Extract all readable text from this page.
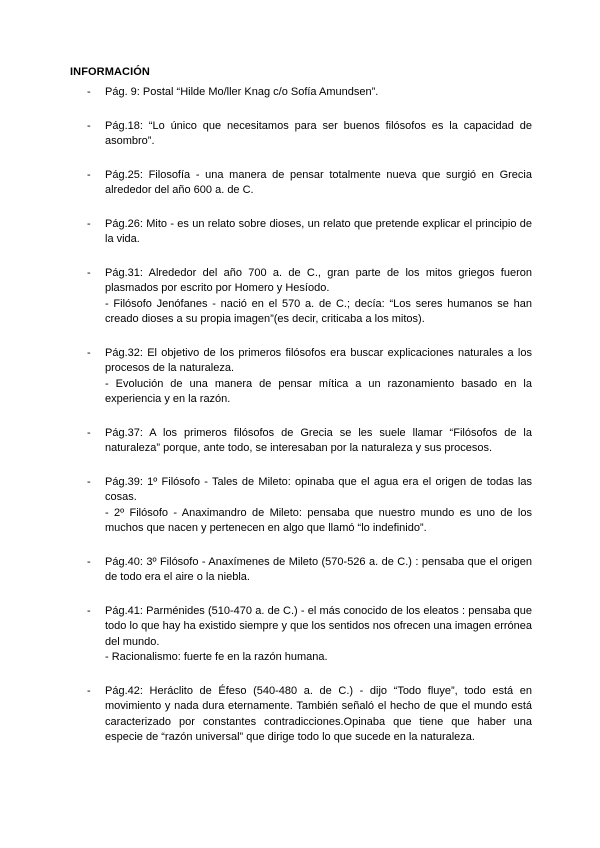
INFORMACIÓN
-	Pág. 9: Postal “Hilde Mo/ller Knag c/o Sofía Amundsen”.

-	Pág.18: “Lo único que necesitamos para ser buenos filósofos es la capacidad de asombro”.

-	Pág.25: Filosofía - una manera de pensar totalmente nueva que surgió en Grecia alrededor del año 600 a. de C.

-	Pág.26: Mito - es un relato sobre dioses, un relato que pretende explicar el principio de la vida.

-	Pág.31: Alrededor del año 700 a. de C., gran parte de los mitos griegos fueron plasmados por escrito por Homero y Hesíodo.

- Filósofo Jenófanes - nació en el 570 a. de C.; decía: “Los seres humanos se han creado dioses a su propia imagen”(es decir, criticaba a los mitos).

-	Pág.32: El objetivo de los primeros filósofos era buscar explicaciones naturales a los procesos de la naturaleza.

- Evolución de una manera de pensar mítica a un razonamiento basado en la experiencia y en la razón.

-	Pág.37: A los primeros filósofos de Grecia se les suele llamar “Filósofos de la naturaleza” porque, ante todo, se interesaban por la naturaleza y sus procesos.

-	Pág.39: 1º Filósofo - Tales de Mileto: opinaba que el agua era el origen de todas las cosas.

- 2º Filósofo - Anaximandro de Mileto: pensaba que nuestro mundo es uno de los muchos que nacen y pertenecen en algo que llamó “lo indefinido”.

-	Pág.40: 3º Filósofo - Anaxímenes de Mileto (570-526 a. de C.) : pensaba que el origen de todo era el aire o la niebla.

-	Pág.41: Parménides (510-470 a. de C.) - el más conocido de los eleatos : pensaba que todo lo que hay ha existido siempre y que los sentidos nos ofrecen una imagen errónea del mundo.

- Racionalismo: fuerte fe en la razón humana.

-	Pág.42: Heráclito de Éfeso (540-480 a. de C.) - dijo “Todo fluye”, todo está en movimiento y nada dura eternamente. También señaló el hecho de que el mundo está caracterizado por constantes contradicciones.Opinaba que tiene que haber una especie de “razón universal” que dirige todo lo que sucede en la naturaleza.
